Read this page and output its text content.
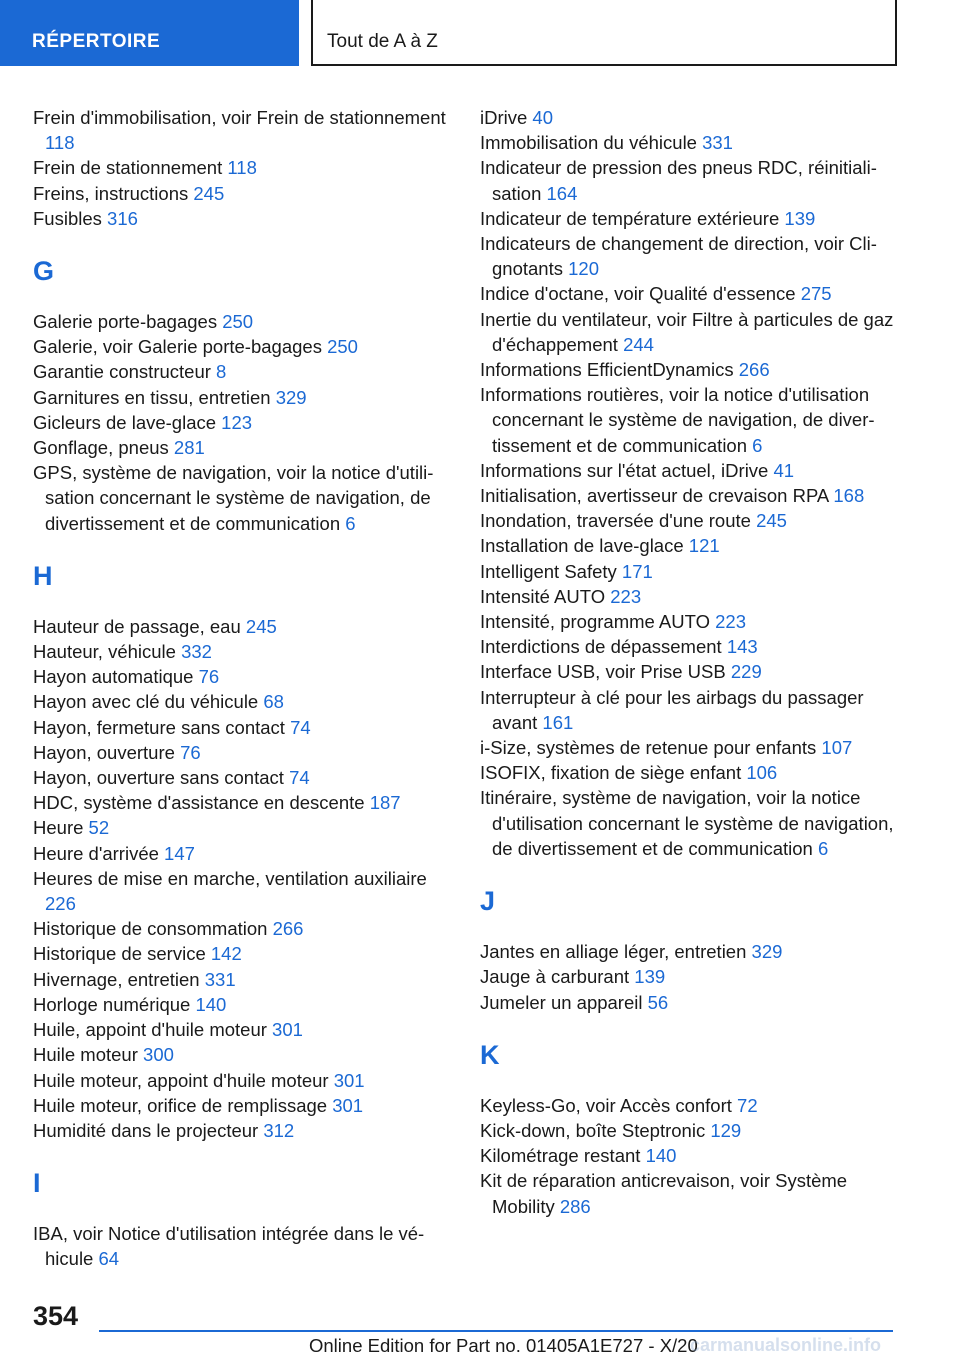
RÉPERTOIRE	Tout de A à Z
Frein d'immobilisation, voir Frein de stationnement 118
Frein de stationnement 118
Freins, instructions 245
Fusibles 316
G
Galerie porte-bagages 250
Galerie, voir Galerie porte-bagages 250
Garantie constructeur 8
Garnitures en tissu, entretien 329
Gicleurs de lave-glace 123
Gonflage, pneus 281
GPS, système de navigation, voir la notice d'utilisation concernant le système de navigation, de divertissement et de communication 6
H
Hauteur de passage, eau 245
Hauteur, véhicule 332
Hayon automatique 76
Hayon avec clé du véhicule 68
Hayon, fermeture sans contact 74
Hayon, ouverture 76
Hayon, ouverture sans contact 74
HDC, système d'assistance en descente 187
Heure 52
Heure d'arrivée 147
Heures de mise en marche, ventilation auxiliaire 226
Historique de consommation 266
Historique de service 142
Hivernage, entretien 331
Horloge numérique 140
Huile, appoint d'huile moteur 301
Huile moteur 300
Huile moteur, appoint d'huile moteur 301
Huile moteur, orifice de remplissage 301
Humidité dans le projecteur 312
I
IBA, voir Notice d'utilisation intégrée dans le véhicule 64
iDrive 40
Immobilisation du véhicule 331
Indicateur de pression des pneus RDC, réinitialisation 164
Indicateur de température extérieure 139
Indicateurs de changement de direction, voir Clignotants 120
Indice d'octane, voir Qualité d'essence 275
Inertie du ventilateur, voir Filtre à particules de gaz d'échappement 244
Informations EfficientDynamics 266
Informations routières, voir la notice d'utilisation concernant le système de navigation, de divertissement et de communication 6
Informations sur l'état actuel, iDrive 41
Initialisation, avertisseur de crevaison RPA 168
Inondation, traversée d'une route 245
Installation de lave-glace 121
Intelligent Safety 171
Intensité AUTO 223
Intensité, programme AUTO 223
Interdictions de dépassement 143
Interface USB, voir Prise USB 229
Interrupteur à clé pour les airbags du passager avant 161
i-Size, systèmes de retenue pour enfants 107
ISOFIX, fixation de siège enfant 106
Itinéraire, système de navigation, voir la notice d'utilisation concernant le système de navigation, de divertissement et de communication 6
J
Jantes en alliage léger, entretien 329
Jauge à carburant 139
Jumeler un appareil 56
K
Keyless-Go, voir Accès confort 72
Kick-down, boîte Steptronic 129
Kilométrage restant 140
Kit de réparation anticrevaison, voir Système Mobility 286
354
Online Edition for Part no. 01405A1E727 - X/20
carmanualsonline.info
